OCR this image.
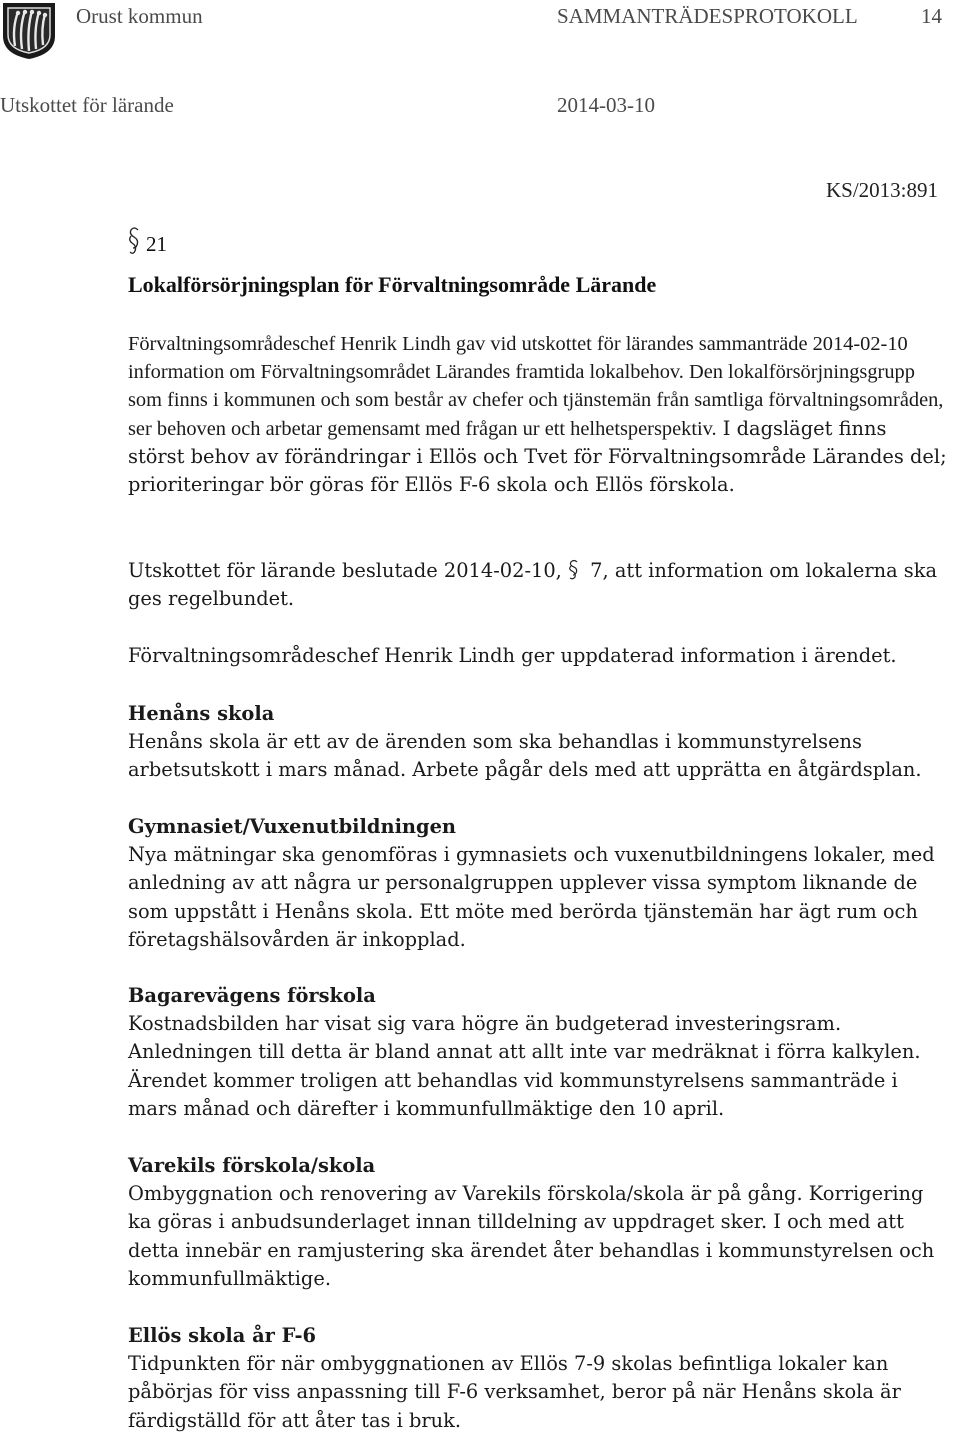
Orust kommun	SAMMANTRÄDESPROTOKOLL	14
Utskottet för lärande	2014-03-10
KS/2013:891
21
Lokalförsörjningsplan för Förvaltningsområde Lärande

Förvaltningsområdeschef Henrik Lindh gav vid utskottet för lärandes sammanträde 2014-02-10 information om Förvaltningsområdet Lärandes framtida lokalbehov. Den lokalförsörjningsgrupp som finns i kommunen och som består av chefer och tjänstemän från samtliga förvaltningsområden, ser behoven och arbetar gemensamt med frågan ur ett helhetsperspektiv. I dagsläget finns störst behov av förändringar i Ellös och Tvet för Förvaltningsområde Lärandes del; prioriteringar bör göras för Ellös F-6 skola och Ellös förskola.

Utskottet för lärande beslutade 2014-02-10,  7, att information om lokalerna ska ges regelbundet.

Förvaltningsområdeschef Henrik Lindh ger uppdaterad information i ärendet.

Henåns skola

Henåns skola är ett av de ärenden som ska behandlas i kommunstyrelsens arbetsutskott i mars månad. Arbete pågår dels med att upprätta en åtgärdsplan.

Gymnasiet/Vuxenutbildningen

Nya mätningar ska genomföras i gymnasiets och vuxenutbildningens lokaler, med anledning av att några ur personalgruppen upplever vissa symptom liknande de som uppstått i Henåns skola. Ett möte med berörda tjänstemän har ägt rum och företagshälsovården är inkopplad.

Bagarevägens förskola

Kostnadsbilden har visat sig vara högre än budgeterad investeringsram. Anledningen till detta är bland annat att allt inte var medräknat i förra kalkylen. Ärendet kommer troligen att behandlas vid kommunstyrelsens sammanträde i mars månad och därefter i kommunfullmäktige den 10 april.

Varekils förskola/skola

Ombyggnation och renovering av Varekils förskola/skola är på gång. Korrigering ka göras i anbudsunderlaget innan tilldelning av uppdraget sker. I och med att detta innebär en ramjustering ska ärendet åter behandlas i kommunstyrelsen och kommunfullmäktige.

Ellös skola år F-6

Tidpunkten för när ombyggnationen av Ellös 7-9 skolas befintliga lokaler kan påbörjas för viss anpassning till F-6 verksamhet, beror på när Henåns skola är färdigställd för att åter tas i bruk.
